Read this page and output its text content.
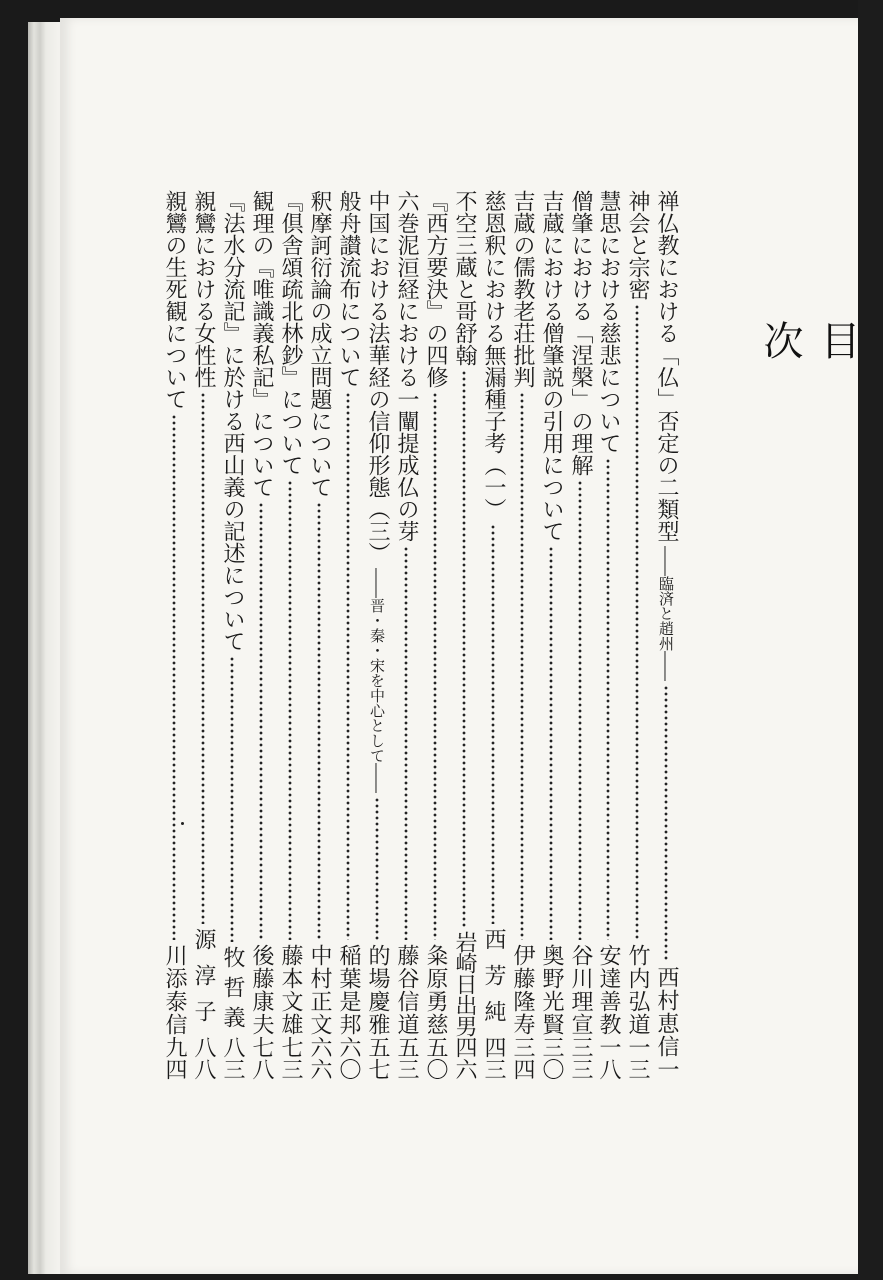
目
次
禅仏教における「仏」否定の二類型
――臨済と趙州――
西村恵信
一
神会と宗密
竹内弘道
一三
慧思における慈悲について
安達善教
一八
僧肇における「涅槃」の理解
谷川理宣
三三
吉蔵における僧肇説の引用について
奥野光賢
三〇
吉蔵の儒教老荘批判
伊藤隆寿
三四
慈恩釈における無漏種子考（一）
西芳純
四三
不空三蔵と哥舒翰
岩崎日出男
四六
『西方要決』の四修
粂原勇慈
五〇
六巻泥洹経における一闡提成仏の芽
藤谷信道
五三
中国における法華経の信仰形態（三）
――晋・秦・宋を中心として――
的場慶雅
五七
般舟讃流布について
稲葉是邦
六〇
釈摩訶衍論の成立問題について
中村正文
六六
『倶舎頌疏北林鈔』について
藤本文雄
七三
観理の『唯識義私記』について
後藤康夫
七八
『法水分流記』に於ける西山義の記述について
牧哲義
八三
親鸞における女性性
源淳子
八八
親鸞の生死観について
川添泰信
九四
